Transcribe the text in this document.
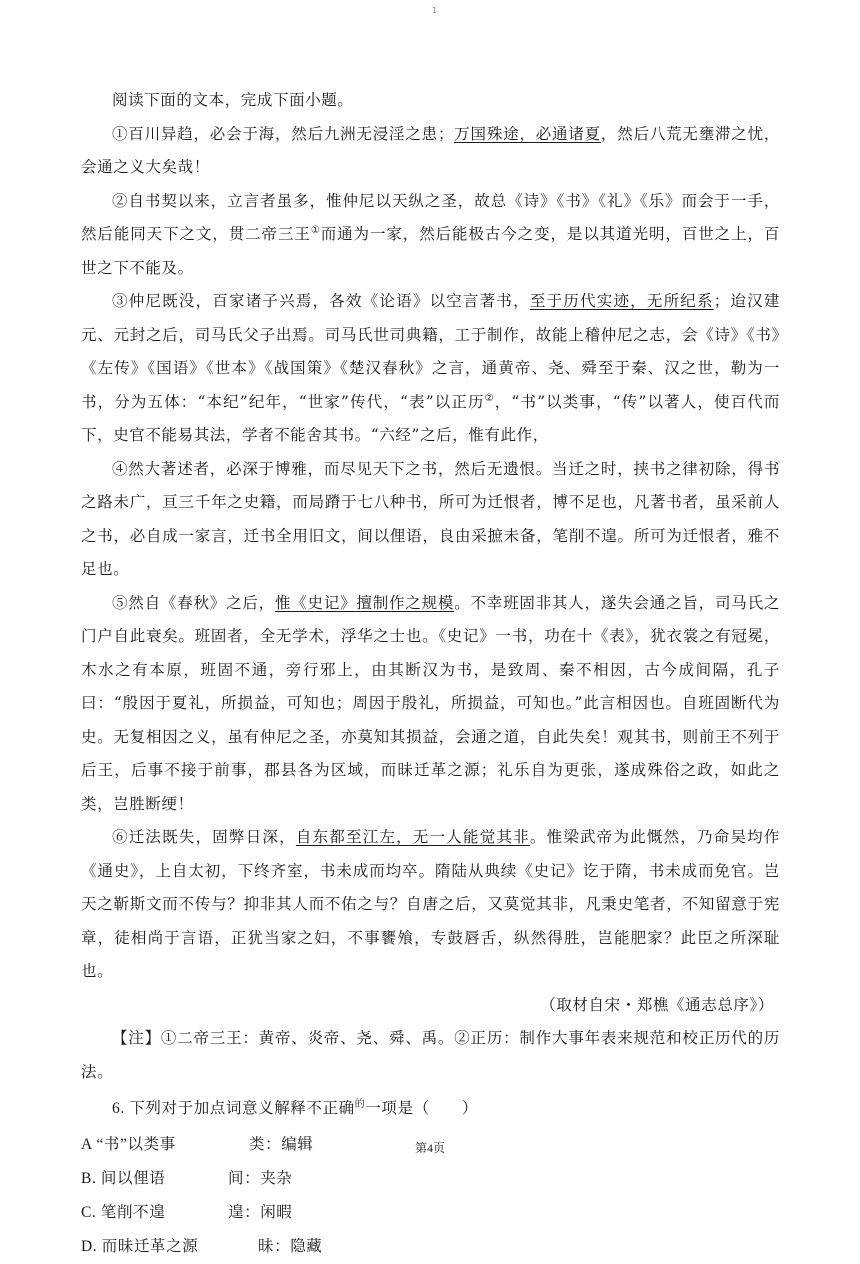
1

阅读下面的文本，完成下面小题。

①百川异趋，必会于海，然后九洲无浸淫之患；万国殊途，必通诸夏，然后八荒无壅滞之忧，会通之义大矣哉！

②自书契以来，立言者虽多，惟仲尼以天纵之圣，故总《诗》《书》《礼》《乐》而会于一手，然后能同天下之文，贯二帝三王①而通为一家，然后能极古今之变，是以其道光明，百世之上，百世之下不能及。

③仲尼既没，百家诸子兴焉，各效《论语》以空言著书，至于历代实迹，无所纪系；迨汉建元、元封之后，司马氏父子出焉。司马氏世司典籍，工于制作，故能上稽仲尼之志，会《诗》《书》《左传》《国语》《世本》《战国策》《楚汉春秋》之言，通黄帝、尧、舜至于秦、汉之世，勒为一书，分为五体：“本纪”纪年，“世家”传代，“表”以正历②，“书”以类事，“传”以著人，使百代而下，史官不能易其法，学者不能舍其书。“六经”之后，惟有此作，

④然大著述者，必深于博雅，而尽见天下之书，然后无遗恨。当迁之时，挟书之律初除，得书之路未广，亘三千年之史籍，而局蹐于七八种书，所可为迁恨者，博不足也，凡著书者，虽采前人之书，必自成一家言，迁书全用旧文，间以俚语，良由采摭未备，笔削不遑。所可为迁恨者，雅不足也。

⑤然自《春秋》之后，惟《史记》擅制作之规模。不幸班固非其人，遂失会通之旨，司马氏之门户自此衰矣。班固者，全无学术，浮华之士也。《史记》一书，功在十《表》，犹衣裳之有冠冕，木水之有本原，班固不通，旁行邪上，由其断汉为书，是致周、秦不相因，古今成间隔，孔子曰：“殷因于夏礼，所损益，可知也；周因于殷礼，所损益，可知也。”此言相因也。自班固断代为史。无复相因之义，虽有仲尼之圣，亦莫知其损益，会通之道，自此失矣！观其书，则前王不列于后王，后事不接于前事，郡县各为区域，而昧迁革之源；礼乐自为更张，遂成殊俗之政，如此之类，岂胜断绠！

⑥迁法既失，固弊日深，自东都至江左，无一人能觉其非。惟梁武帝为此慨然，乃命吴均作《通史》，上自太初，下终齐室，书未成而均卒。隋陆从典续《史记》讫于隋，书未成而免官。岂天之靳斯文而不传与？抑非其人而不佑之与？自唐之后，又莫觉其非，凡秉史笔者，不知留意于宪章，徒相尚于言语，正犹当家之妇，不事饔飧，专鼓唇舌，纵然得胜，岂能肥家？此臣之所深耻也。

（取材自宋・郑樵《通志总序》）

【注】①二帝三王：黄帝、炎帝、尧、舜、禹。②正历：制作大事年表来规范和校正历代的历法。

6. 下列对于加点词意义解释不正确$^的$一项是（　　）

A “书”以类事	类：编辑

B. 间以俚语	间：夹杂

C. 笔削不遑	遑：闲暇

D. 而昧迁革之源	昧：隐藏

第4页
